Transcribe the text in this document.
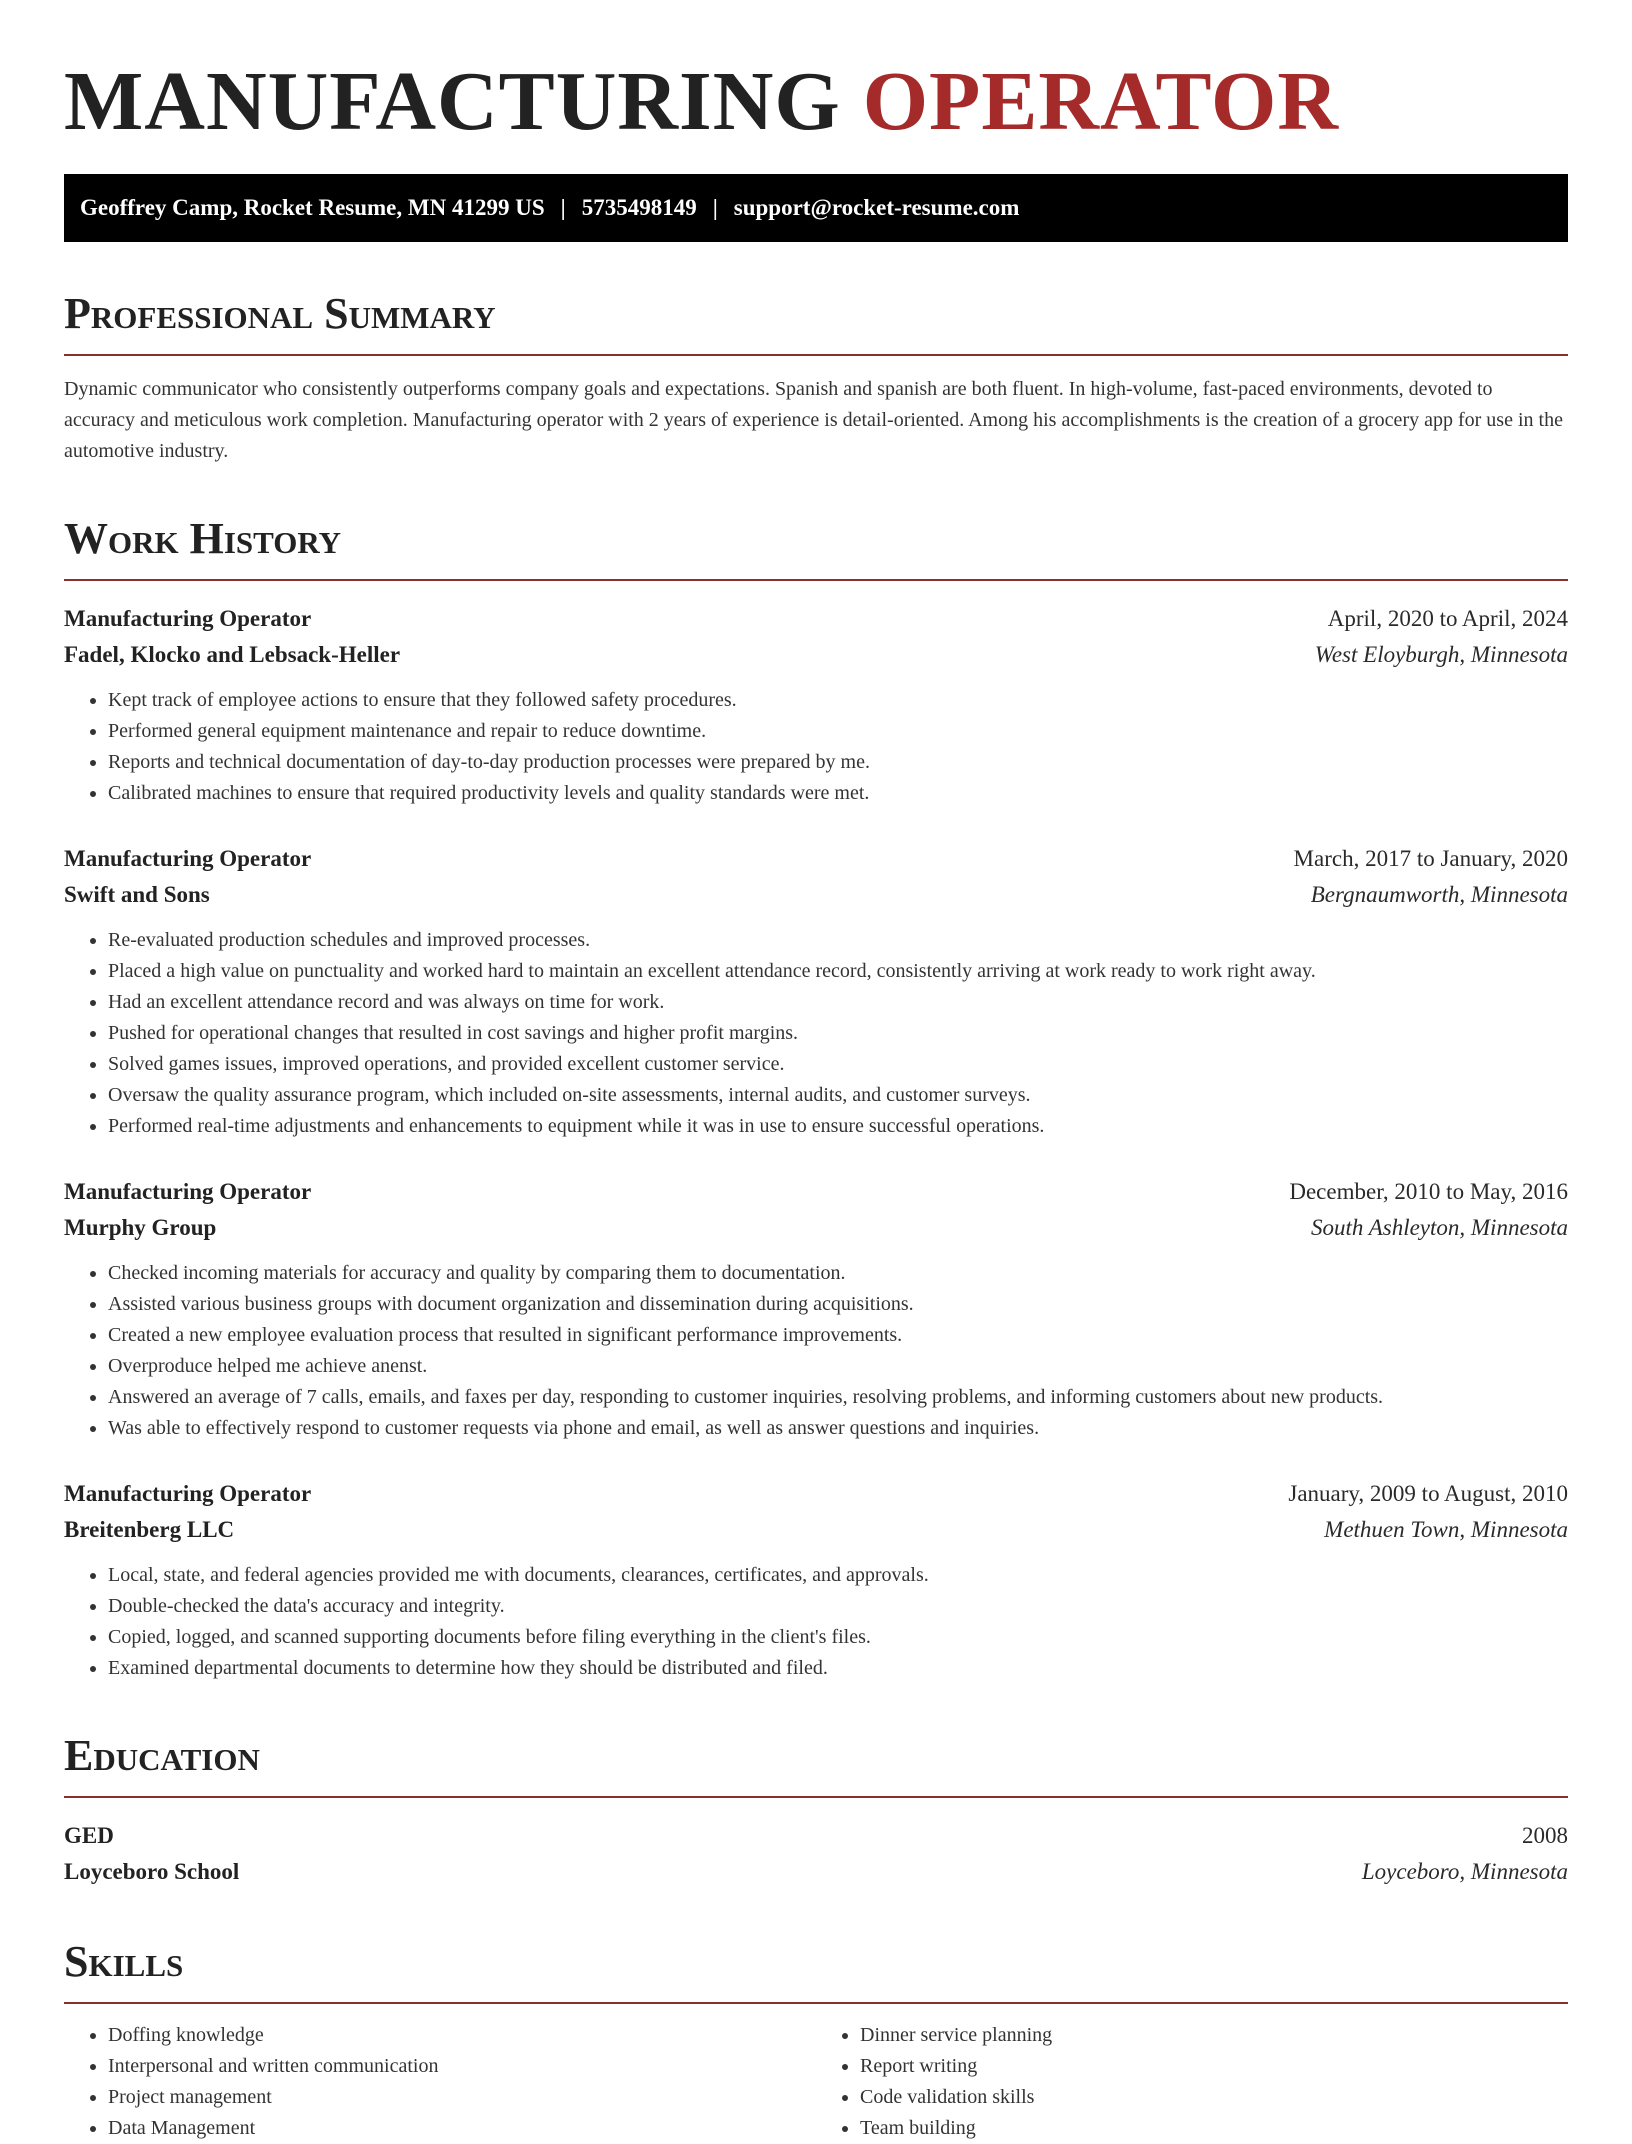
MANUFACTURING OPERATOR
Geoffrey Camp, Rocket Resume, MN 41299 US | 5735498149 | support@rocket-resume.com
Professional Summary

Dynamic communicator who consistently outperforms company goals and expectations. Spanish and spanish are both fluent. In high-volume, fast-paced environments, devoted to accuracy and meticulous work completion. Manufacturing operator with 2 years of experience is detail-oriented. Among his accomplishments is the creation of a grocery app for use in the automotive industry.

Work History
Manufacturing Operator	April, 2020 to April, 2024
Fadel, Klocko and Lebsack-Heller	West Eloyburgh, Minnesota
• Kept track of employee actions to ensure that they followed safety procedures.
• Performed general equipment maintenance and repair to reduce downtime.
• Reports and technical documentation of day-to-day production processes were prepared by me.
• Calibrated machines to ensure that required productivity levels and quality standards were met.
Manufacturing Operator	March, 2017 to January, 2020
Swift and Sons	Bergnaumworth, Minnesota
• Re-evaluated production schedules and improved processes.
• Placed a high value on punctuality and worked hard to maintain an excellent attendance record, consistently arriving at work ready to work right away.
• Had an excellent attendance record and was always on time for work.
• Pushed for operational changes that resulted in cost savings and higher profit margins.
• Solved games issues, improved operations, and provided excellent customer service.
• Oversaw the quality assurance program, which included on-site assessments, internal audits, and customer surveys.
• Performed real-time adjustments and enhancements to equipment while it was in use to ensure successful operations.
Manufacturing Operator	December, 2010 to May, 2016
Murphy Group	South Ashleyton, Minnesota
• Checked incoming materials for accuracy and quality by comparing them to documentation.
• Assisted various business groups with document organization and dissemination during acquisitions.
• Created a new employee evaluation process that resulted in significant performance improvements.
• Overproduce helped me achieve anenst.
• Answered an average of 7 calls, emails, and faxes per day, responding to customer inquiries, resolving problems, and informing customers about new products.
• Was able to effectively respond to customer requests via phone and email, as well as answer questions and inquiries.
Manufacturing Operator	January, 2009 to August, 2010
Breitenberg LLC	Methuen Town, Minnesota
• Local, state, and federal agencies provided me with documents, clearances, certificates, and approvals.
• Double-checked the data's accuracy and integrity.
• Copied, logged, and scanned supporting documents before filing everything in the client's files.
• Examined departmental documents to determine how they should be distributed and filed.
Education
GED	2008
Loyceboro School	Loyceboro, Minnesota
Skills
• Doffing knowledge
• Interpersonal and written communication
• Project management
• Data Management
• Dinner service planning
• Report writing
• Code validation skills
• Team building
